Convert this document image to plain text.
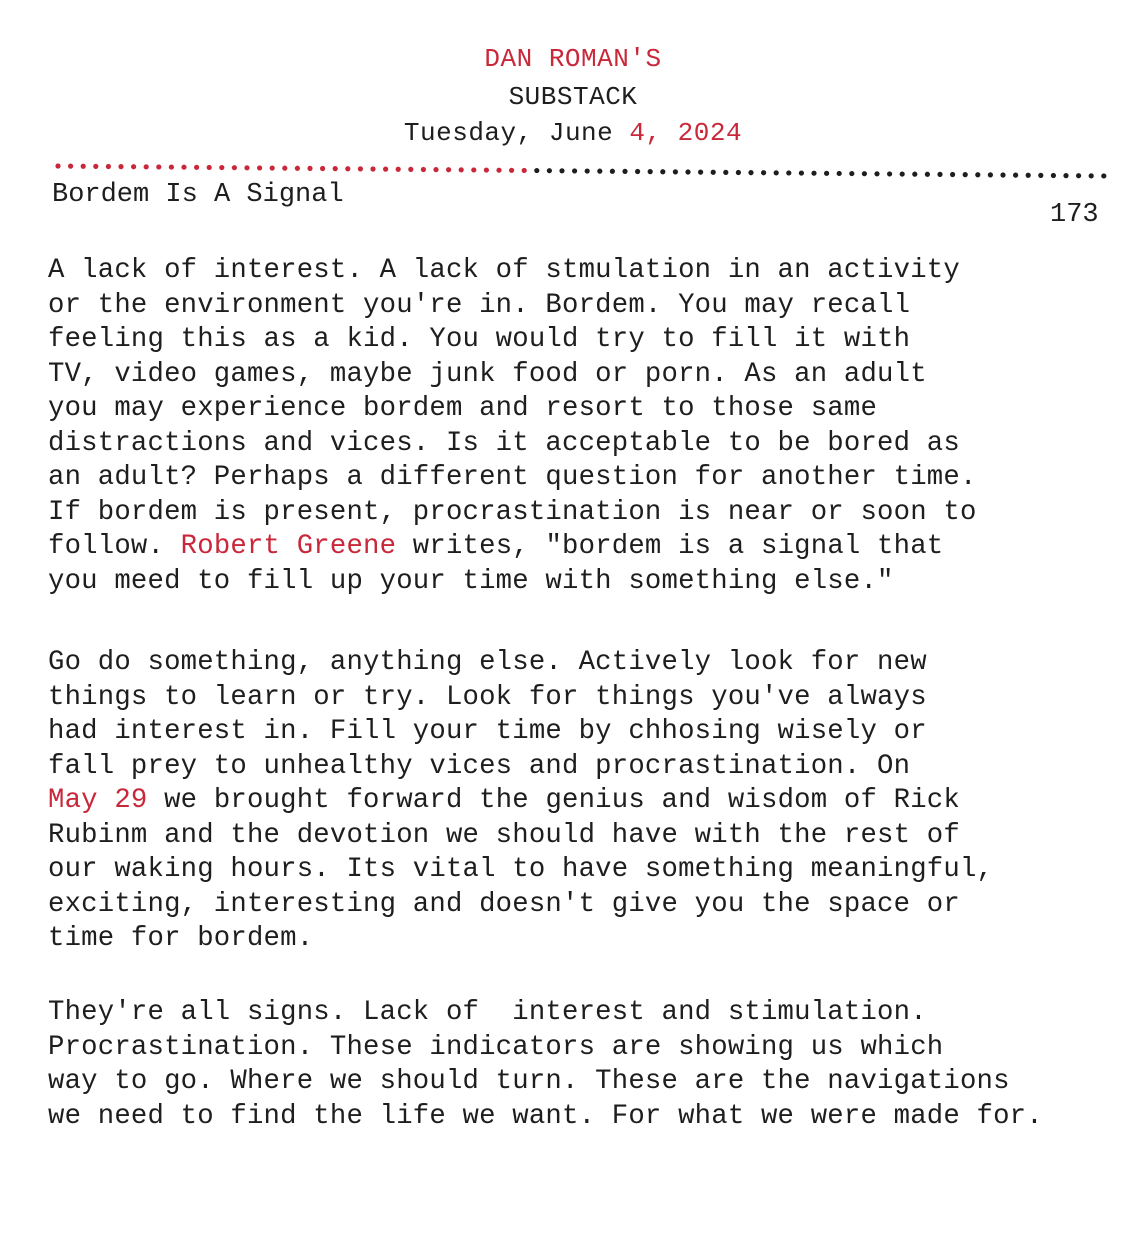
DAN ROMAN'S
SUBSTACK
Tuesday, June 4, 2024
Bordem Is A Signal
173
A lack of interest. A lack of stmulation in an activity
or the environment you're in. Bordem. You may recall
feeling this as a kid. You would try to fill it with
TV, video games, maybe junk food or porn. As an adult
you may experience bordem and resort to those same
distractions and vices. Is it acceptable to be bored as
an adult? Perhaps a different question for another time.
If bordem is present, procrastination is near or soon to
follow. Robert Greene writes, "bordem is a signal that
you meed to fill up your time with something else."
Go do something, anything else. Actively look for new
things to learn or try. Look for things you've always
had interest in. Fill your time by chhosing wisely or
fall prey to unhealthy vices and procrastination. On
May 29 we brought forward the genius and wisdom of Rick
Rubinm and the devotion we should have with the rest of
our waking hours. Its vital to have something meaningful,
exciting, interesting and doesn't give you the space or
time for bordem.
They're all signs. Lack of  interest and stimulation.
Procrastination. These indicators are showing us which
way to go. Where we should turn. These are the navigations
we need to find the life we want. For what we were made for.
